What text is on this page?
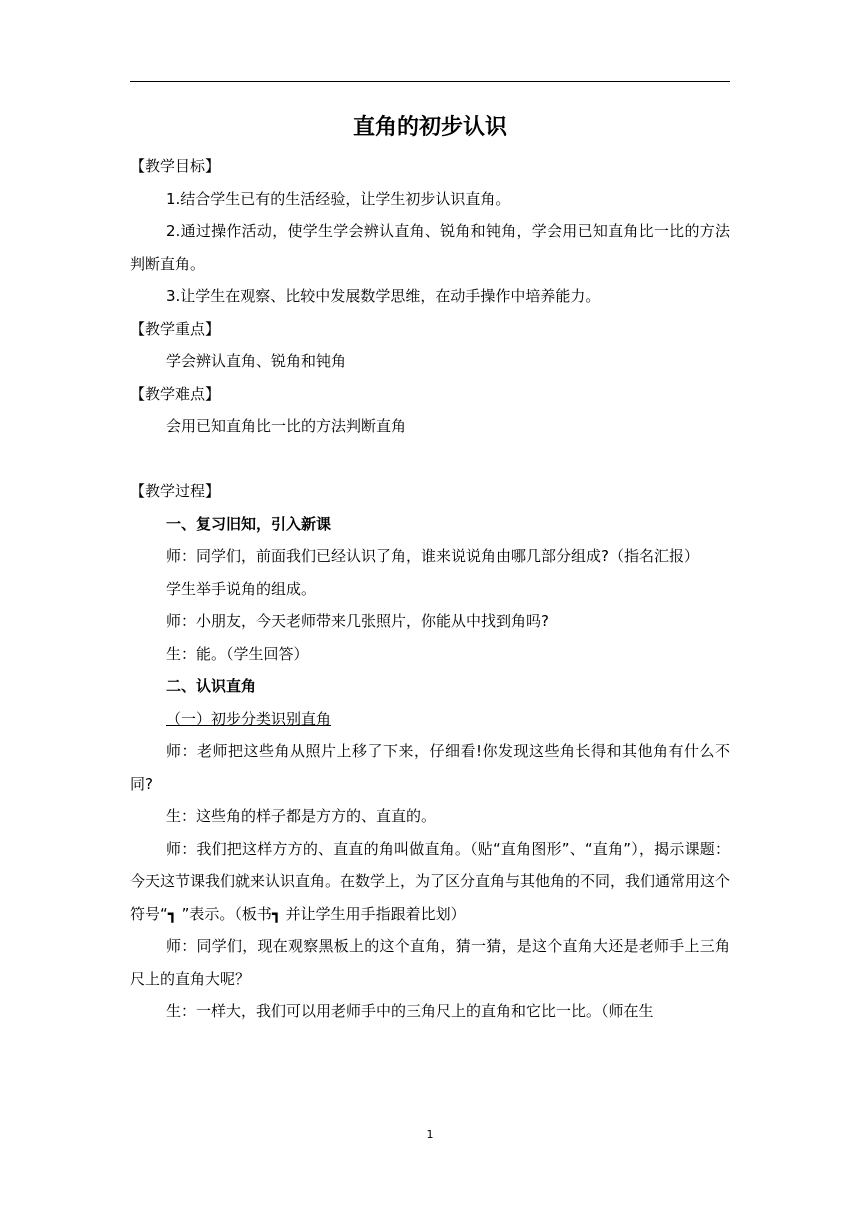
直角的初步认识

【教学目标】

1.结合学生已有的生活经验，让学生初步认识直角。

2.通过操作活动，使学生学会辨认直角、锐角和钝角，学会用已知直角比一比的方法判断直角。

3.让学生在观察、比较中发展数学思维，在动手操作中培养能力。

【教学重点】

学会辨认直角、锐角和钝角

【教学难点】

会用已知直角比一比的方法判断直角

【教学过程】

一、复习旧知，引入新课

师：同学们，前面我们已经认识了角，谁来说说角由哪几部分组成?（指名汇报）

学生举手说角的组成。

师：小朋友，今天老师带来几张照片，你能从中找到角吗?

生：能。（学生回答）

二、认识直角

（一）初步分类识别直角

师：老师把这些角从照片上移了下来，仔细看!你发现这些角长得和其他角有什么不同?

生：这些角的样子都是方方的、直直的。

师：我们把这样方方的、直直的角叫做直角。（贴“直角图形”、“直角”），揭示课题：今天这节课我们就来认识直角。在数学上，为了区分直角与其他角的不同，我们通常用这个符号“┓ ”表示。（板书┓ 并让学生用手指跟着比划）

师：同学们，现在观察黑板上的这个直角，猜一猜，是这个直角大还是老师手上三角尺上的直角大呢？

生：一样大，我们可以用老师手中的三角尺上的直角和它比一比。（师在生

1
